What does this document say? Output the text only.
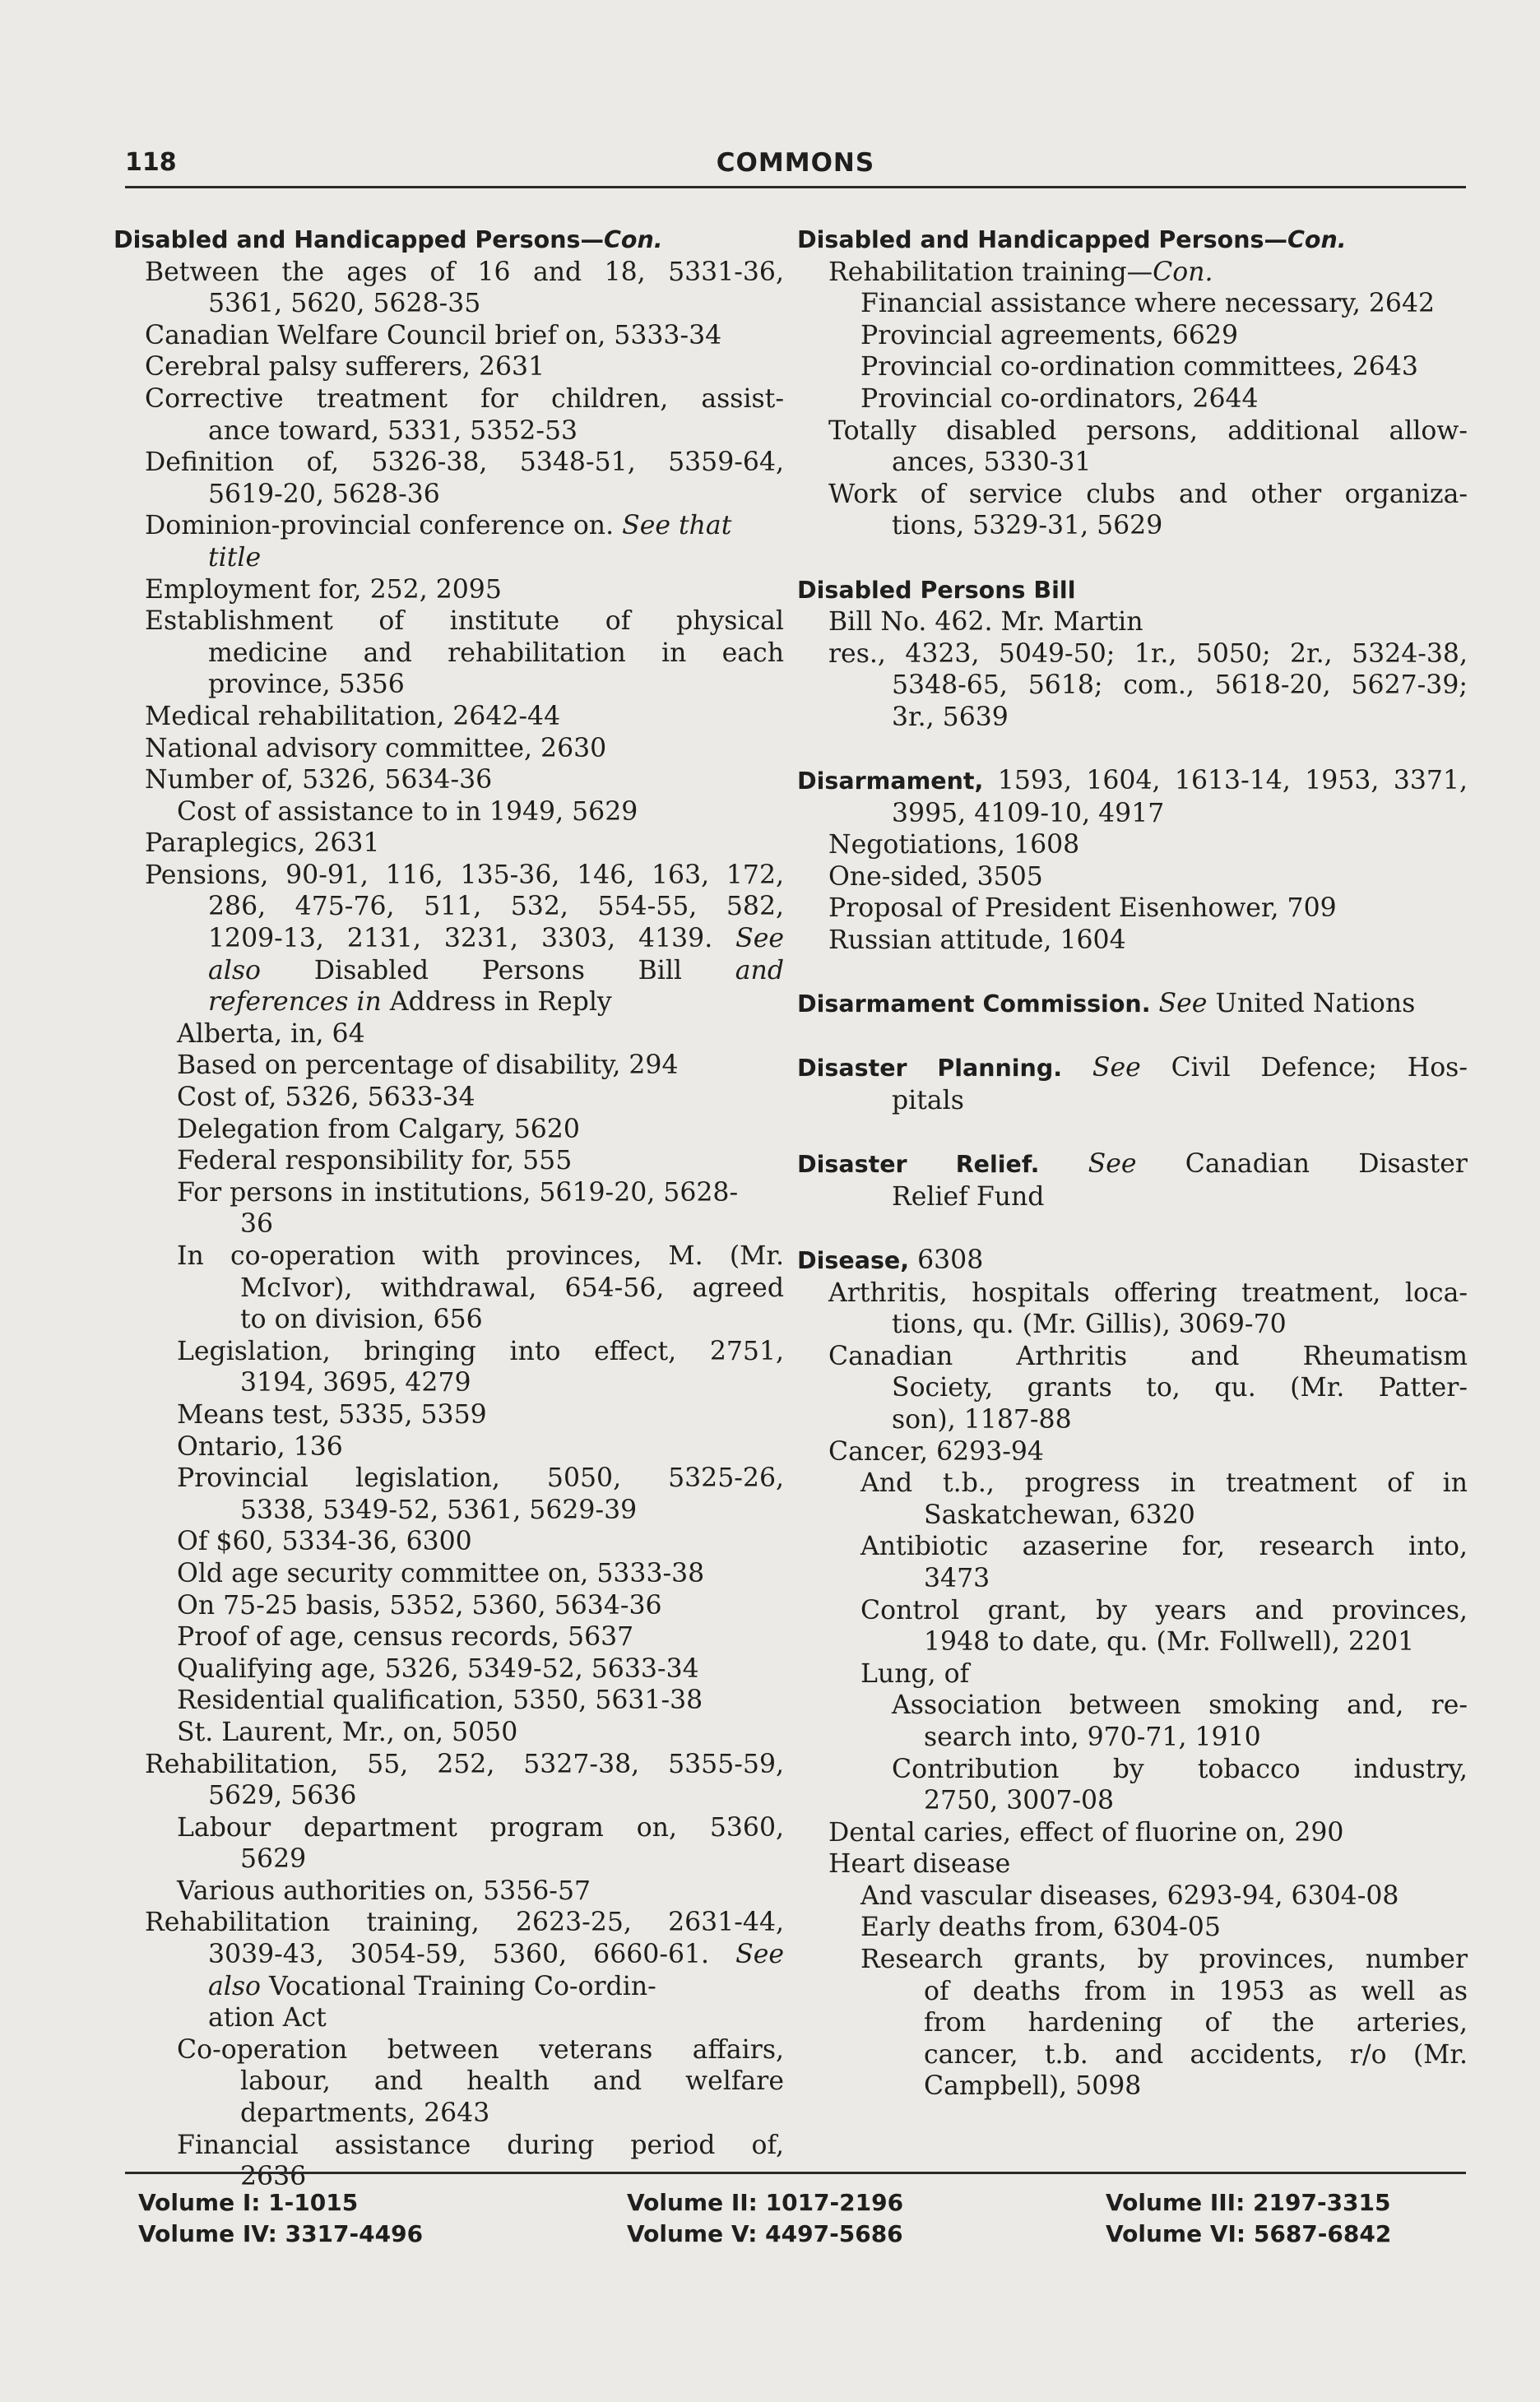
118	COMMONS
Disabled and Handicapped Persons—Con.
Between the ages of 16 and 18, 5331-36,
5361, 5620, 5628-35
Canadian Welfare Council brief on, 5333-34
Cerebral palsy sufferers, 2631
Corrective treatment for children, assist-
ance toward, 5331, 5352-53
Definition of, 5326-38, 5348-51, 5359-64,
5619-20, 5628-36
Dominion-provincial conference on. See that
title
Employment for, 252, 2095
Establishment of institute of physical
medicine and rehabilitation in each
province, 5356
Medical rehabilitation, 2642-44
National advisory committee, 2630
Number of, 5326, 5634-36
Cost of assistance to in 1949, 5629
Paraplegics, 2631
Pensions, 90-91, 116, 135-36, 146, 163, 172,
286, 475-76, 511, 532, 554-55, 582,
1209-13, 2131, 3231, 3303, 4139. See
also Disabled Persons Bill and
references in Address in Reply
Alberta, in, 64
Based on percentage of disability, 294
Cost of, 5326, 5633-34
Delegation from Calgary, 5620
Federal responsibility for, 555
For persons in institutions, 5619-20, 5628-
36
In co-operation with provinces, M. (Mr.
McIvor), withdrawal, 654-56, agreed
to on division, 656
Legislation, bringing into effect, 2751,
3194, 3695, 4279
Means test, 5335, 5359
Ontario, 136
Provincial legislation, 5050, 5325-26,
5338, 5349-52, 5361, 5629-39
Of $60, 5334-36, 6300
Old age security committee on, 5333-38
On 75-25 basis, 5352, 5360, 5634-36
Proof of age, census records, 5637
Qualifying age, 5326, 5349-52, 5633-34
Residential qualification, 5350, 5631-38
St. Laurent, Mr., on, 5050
Rehabilitation, 55, 252, 5327-38, 5355-59,
5629, 5636
Labour department program on, 5360,
5629
Various authorities on, 5356-57
Rehabilitation training, 2623-25, 2631-44,
3039-43, 3054-59, 5360, 6660-61. See
also Vocational Training Co-ordin-
ation Act
Co-operation between veterans affairs,
labour, and health and welfare
departments, 2643
Financial assistance during period of,
2636
Disabled and Handicapped Persons—Con.
Rehabilitation training—Con.
Financial assistance where necessary, 2642
Provincial agreements, 6629
Provincial co-ordination committees, 2643
Provincial co-ordinators, 2644
Totally disabled persons, additional allow-
ances, 5330-31
Work of service clubs and other organiza-
tions, 5329-31, 5629
Disabled Persons Bill
Bill No. 462. Mr. Martin
res., 4323, 5049-50; 1r., 5050; 2r., 5324-38,
5348-65, 5618; com., 5618-20, 5627-39;
3r., 5639
Disarmament, 1593, 1604, 1613-14, 1953, 3371,
3995, 4109-10, 4917
Negotiations, 1608
One-sided, 3505
Proposal of President Eisenhower, 709
Russian attitude, 1604
Disarmament Commission. See United Nations
Disaster Planning. See Civil Defence; Hos-
pitals
Disaster Relief. See Canadian Disaster
Relief Fund
Disease, 6308
Arthritis, hospitals offering treatment, loca-
tions, qu. (Mr. Gillis), 3069-70
Canadian Arthritis and Rheumatism
Society, grants to, qu. (Mr. Patter-
son), 1187-88
Cancer, 6293-94
And t.b., progress in treatment of in
Saskatchewan, 6320
Antibiotic azaserine for, research into,
3473
Control grant, by years and provinces,
1948 to date, qu. (Mr. Follwell), 2201
Lung, of
Association between smoking and, re-
search into, 970-71, 1910
Contribution by tobacco industry,
2750, 3007-08
Dental caries, effect of fluorine on, 290
Heart disease
And vascular diseases, 6293-94, 6304-08
Early deaths from, 6304-05
Research grants, by provinces, number
of deaths from in 1953 as well as
from hardening of the arteries,
cancer, t.b. and accidents, r/o (Mr.
Campbell), 5098
Volume I: 1-1015
Volume IV: 3317-4496
Volume II: 1017-2196
Volume V: 4497-5686
Volume III: 2197-3315
Volume VI: 5687-6842
